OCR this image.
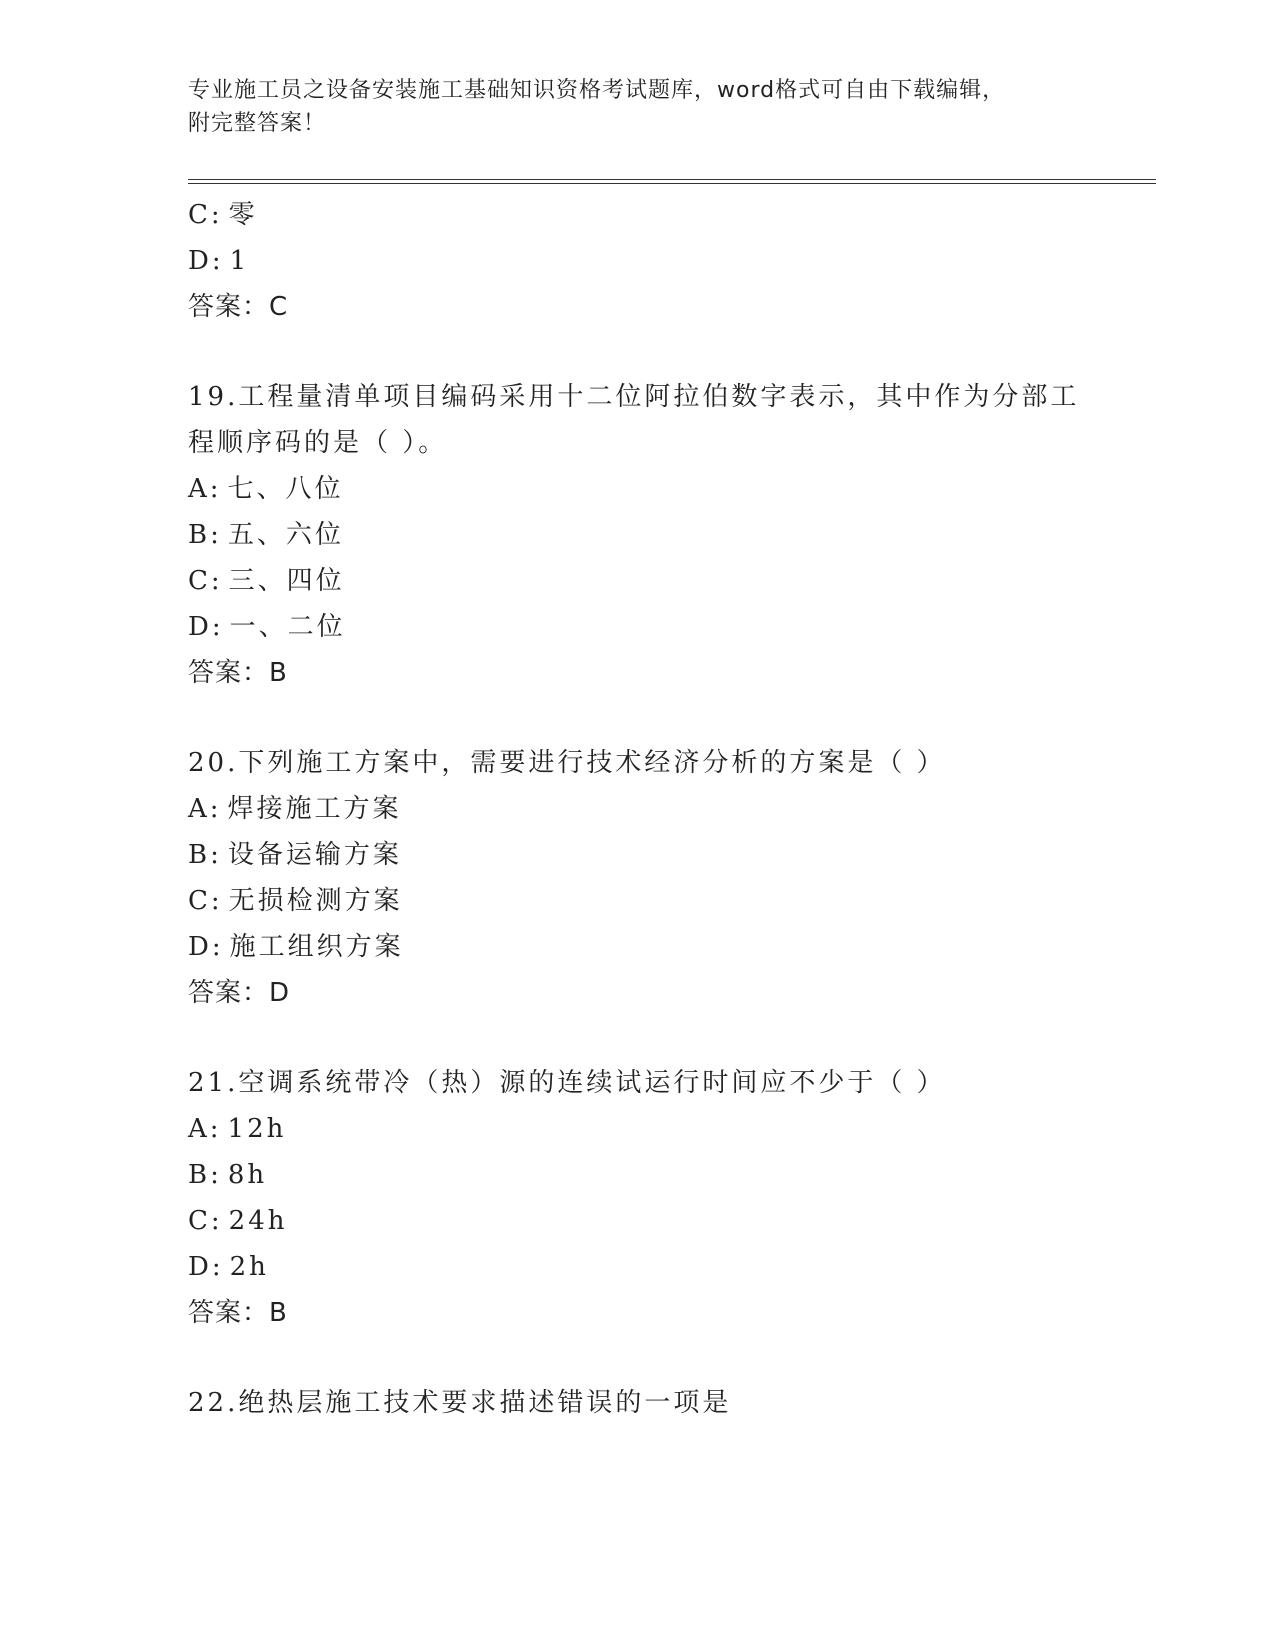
专业施工员之设备安装施工基础知识资格考试题库，word格式可自由下载编辑，
附完整答案！
C: 零
D: 1
答案：C
19.工程量清单项目编码采用十二位阿拉伯数字表示，其中作为分部工
程顺序码的是（ ）。
A: 七、八位
B: 五、六位
C: 三、四位
D: 一、二位
答案：B
20.下列施工方案中，需要进行技术经济分析的方案是（ ）
A: 焊接施工方案
B: 设备运输方案
C: 无损检测方案
D: 施工组织方案
答案：D
21.空调系统带冷（热）源的连续试运行时间应不少于（ ）
A: 12h
B: 8h
C: 24h
D: 2h
答案：B
22.绝热层施工技术要求描述错误的一项是
